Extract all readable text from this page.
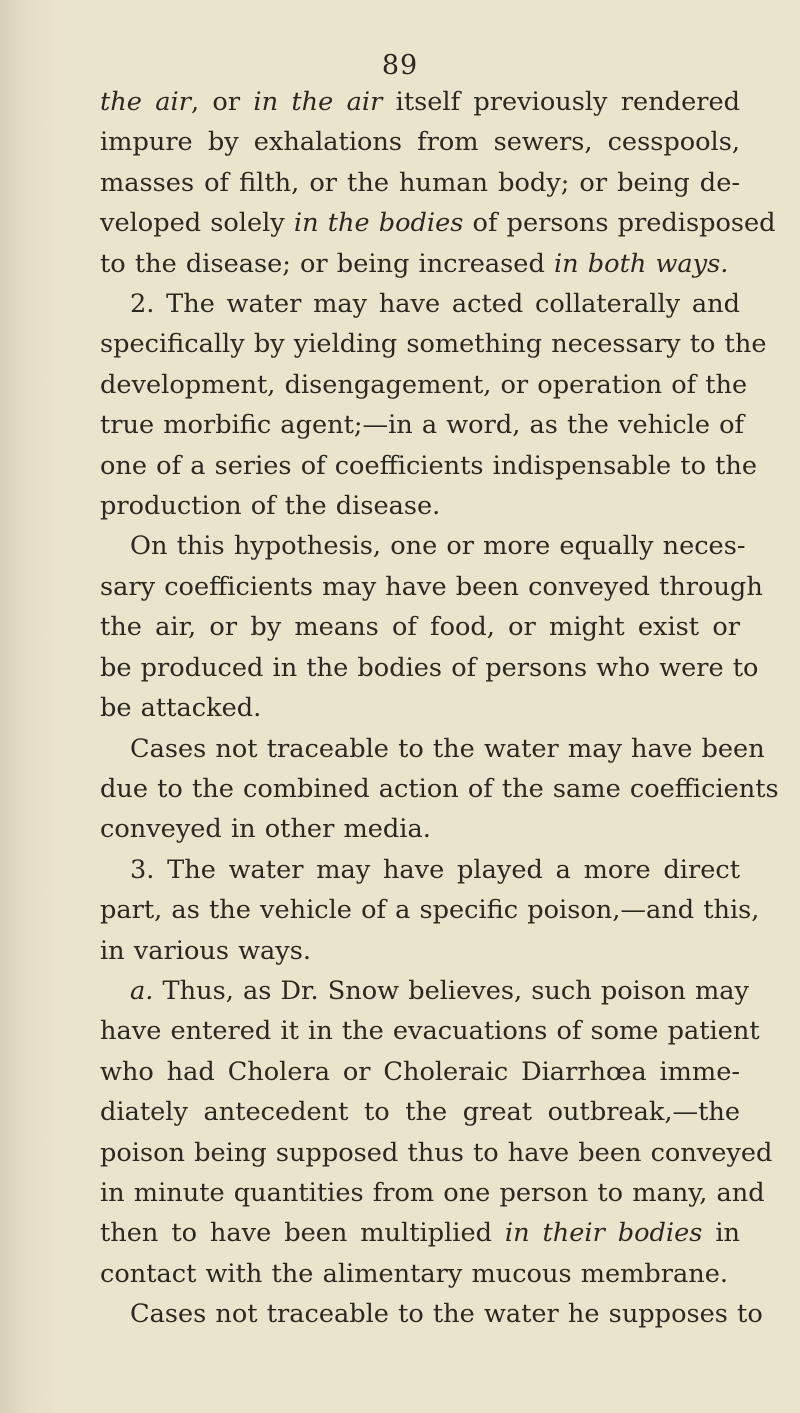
89
the air, or in the air itself previously rendered
impure by exhalations from sewers, cesspools,
masses of filth, or the human body; or being de-
veloped solely in the bodies of persons predisposed
to the disease; or being increased in both ways.
2. The water may have acted collaterally and
specifically by yielding something necessary to the
development, disengagement, or operation of the
true morbific agent;—in a word, as the vehicle of
one of a series of coefficients indispensable to the
production of the disease.
On this hypothesis, one or more equally neces-
sary coefficients may have been conveyed through
the air, or by means of food, or might exist or
be produced in the bodies of persons who were to
be attacked.
Cases not traceable to the water may have been
due to the combined action of the same coefficients
conveyed in other media.
3. The water may have played a more direct
part, as the vehicle of a specific poison,—and this,
in various ways.
a. Thus, as Dr. Snow believes, such poison may
have entered it in the evacuations of some patient
who had Cholera or Choleraic Diarrhœa imme-
diately antecedent to the great outbreak,—the
poison being supposed thus to have been conveyed
in minute quantities from one person to many, and
then to have been multiplied in their bodies in
contact with the alimentary mucous membrane.
Cases not traceable to the water he supposes to
